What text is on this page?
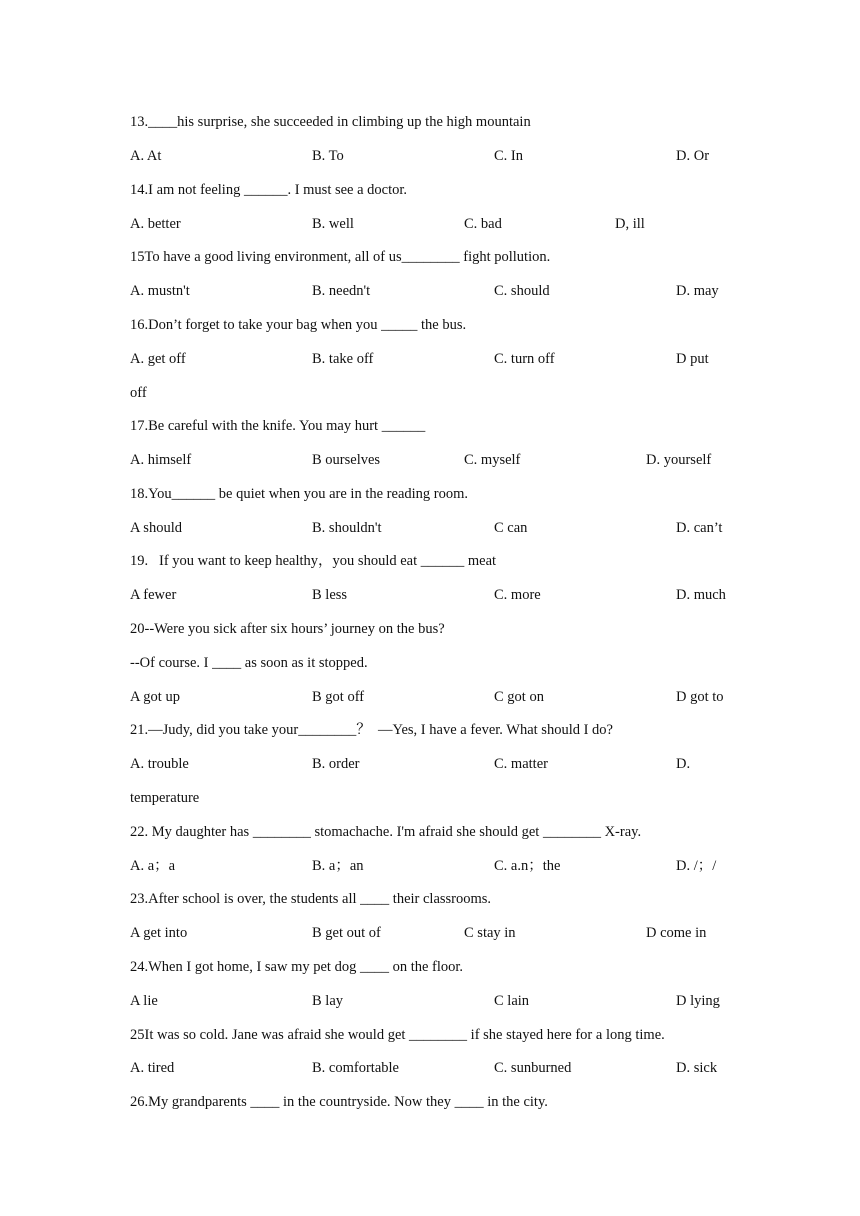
13.____his surprise, she succeeded in climbing up the high mountain
A. At	B. To	C. In	D. Or
14.I am not feeling ______. I must see a doctor.
A. better	B. well	C. bad	D, ill
15To have a good living environment, all of us________ fight pollution.
A. mustn't	B. needn't	C. should	D. may
16.Don’t forget to take your bag when you _____ the bus.
A. get off	B. take off	C. turn off	D put
off
17.Be careful with the knife. You may hurt ______
A. himself	B ourselves	C. myself	D. yourself
18.You______ be quiet when you are in the reading room.
A should	B. shouldn't	C can	D. can’t
19.   If you want to keep healthy，you should eat ______ meat
A fewer	B less	C. more	D. much
20--Were you sick after six hours’ journey on the bus?
--Of course. I ____ as soon as it stopped.
A got up	B got off	C got on	D got to
21.—Judy, did you take your________？  —Yes, I have a fever. What should I do?
A. trouble	B. order	C. matter	D.
temperature
22. My daughter has ________ stomachache. I'm afraid she should get ________ X-ray.
A. a；a	B. a；an	C. a.n；the	D. /；/
23.After school is over, the students all ____ their classrooms.
A get into	B get out of	C stay in	D come in
24.When I got home, I saw my pet dog ____ on the floor.
A lie	B lay	C lain	D lying
25It was so cold. Jane was afraid she would get ________ if she stayed here for a long time.
A. tired	B. comfortable	C. sunburned	D. sick
26.My grandparents ____ in the countryside. Now they ____ in the city.
